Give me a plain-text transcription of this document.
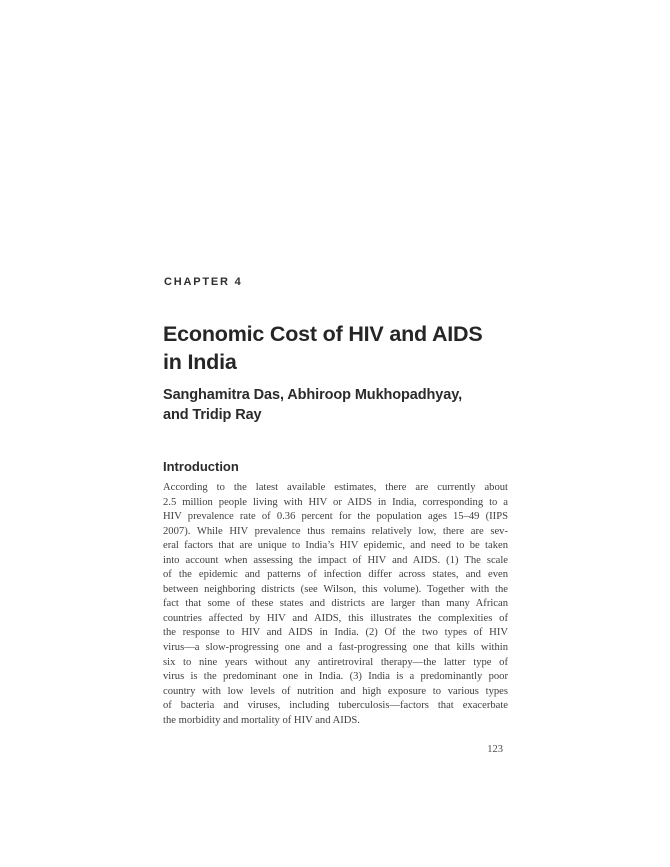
CHAPTER 4
Economic Cost of HIV and AIDS
in India
Sanghamitra Das, Abhiroop Mukhopadhyay,
and Tridip Ray
Introduction
According to the latest available estimates, there are currently about
2.5 million people living with HIV or AIDS in India, corresponding to a
HIV prevalence rate of 0.36 percent for the population ages 15–49 (IIPS
2007). While HIV prevalence thus remains relatively low, there are sev-
eral factors that are unique to India’s HIV epidemic, and need to be taken
into account when assessing the impact of HIV and AIDS. (1) The scale
of the epidemic and patterns of infection differ across states, and even
between neighboring districts (see Wilson, this volume). Together with the
fact that some of these states and districts are larger than many African
countries affected by HIV and AIDS, this illustrates the complexities of
the response to HIV and AIDS in India. (2) Of the two types of HIV
virus—a slow-progressing one and a fast-progressing one that kills within
six to nine years without any antiretroviral therapy—the latter type of
virus is the predominant one in India. (3) India is a predominantly poor
country with low levels of nutrition and high exposure to various types
of bacteria and viruses, including tuberculosis—factors that exacerbate
the morbidity and mortality of HIV and AIDS.
123
